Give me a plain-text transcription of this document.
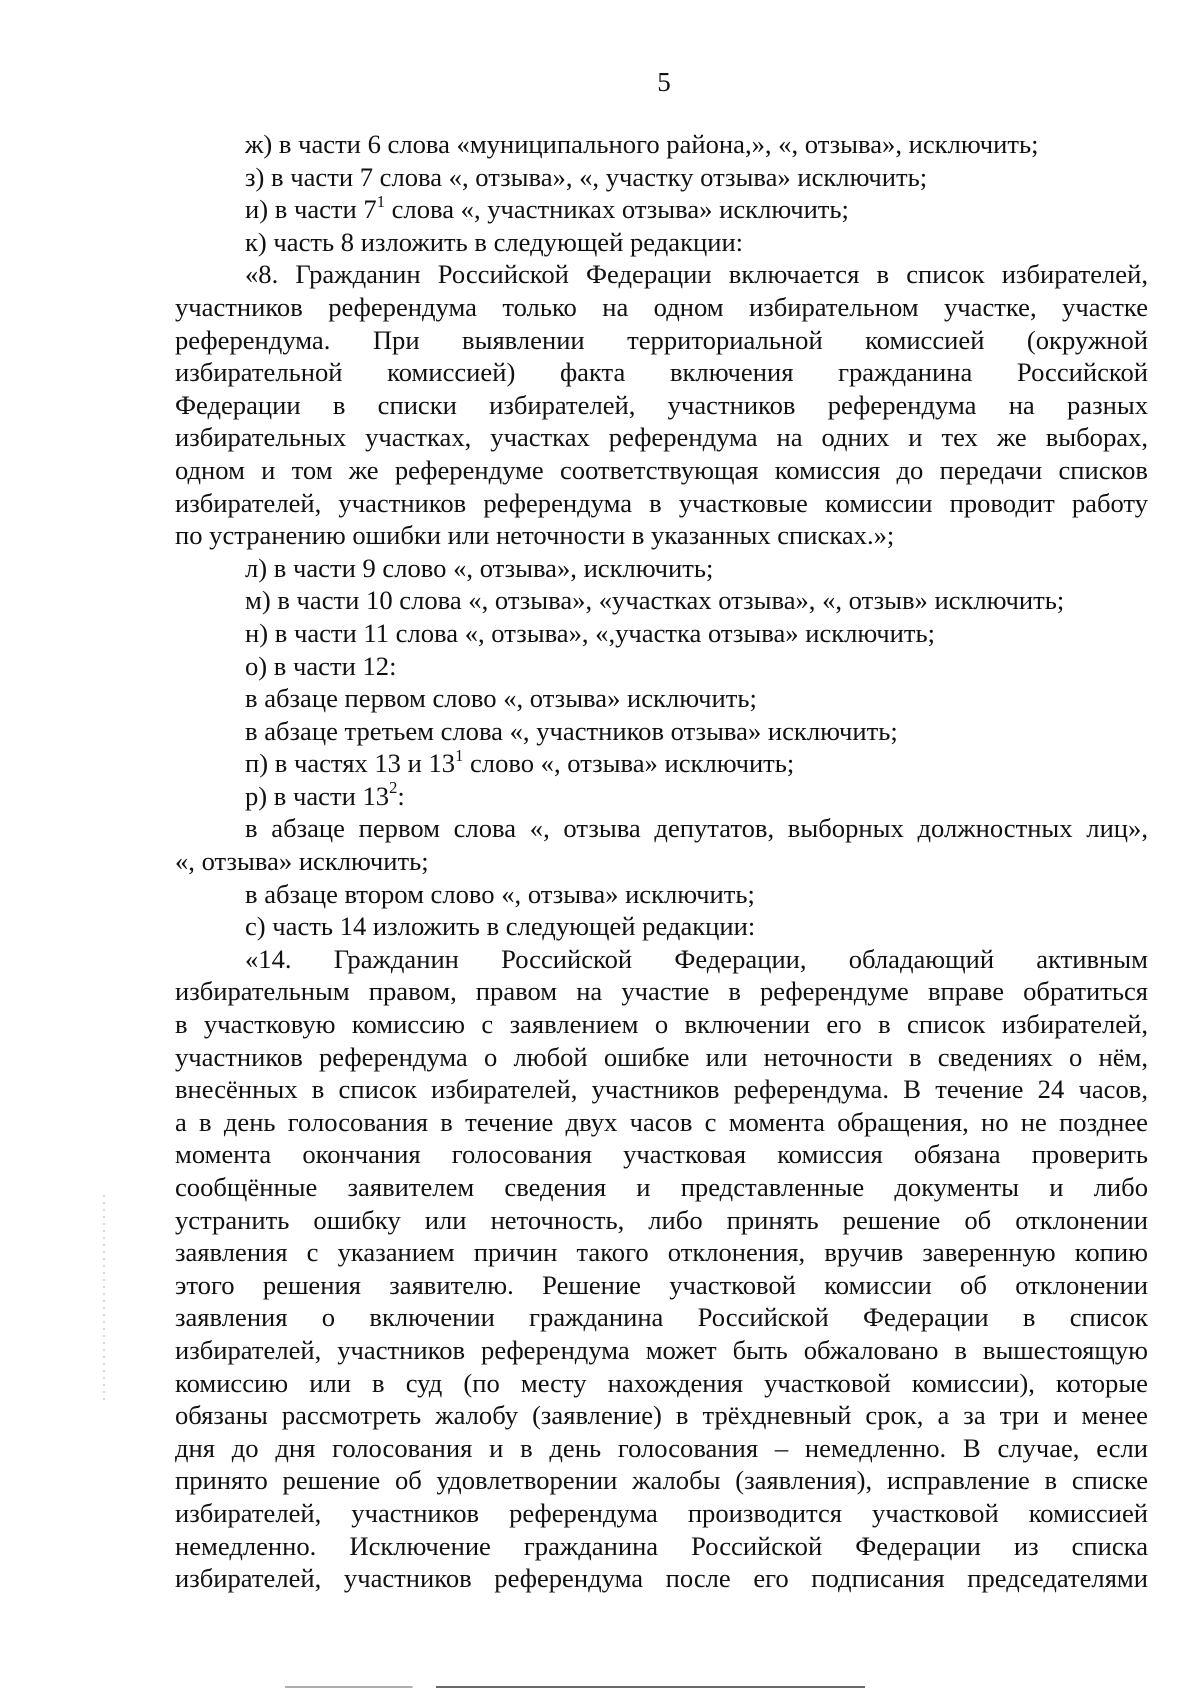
5

ж) в части 6 слова «муниципального района,», «, отзыва», исключить;

з) в части 7 слова «, отзыва», «, участку отзыва» исключить;

и) в части $7^1$ слова «, участниках отзыва» исключить;

к) часть 8 изложить в следующей редакции:

«8. Гражданин Российской Федерации включается в список избирателей,

участников референдума только на одном избирательном участке, участке

референдума. При выявлении территориальной комиссией (окружной

избирательной комиссией) факта включения гражданина Российской

Федерации в списки избирателей, участников референдума на разных

избирательных участках, участках референдума на одних и тех же выборах,

одном и том же референдуме соответствующая комиссия до передачи списков

избирателей, участников референдума в участковые комиссии проводит работу

по устранению ошибки или неточности в указанных списках.»;

л) в части 9 слово «, отзыва», исключить;

м) в части 10 слова «, отзыва», «участках отзыва», «, отзыв» исключить;

н) в части 11 слова «, отзыва», «,участка отзыва» исключить;

о) в части 12:

в абзаце первом слово «, отзыва» исключить;

в абзаце третьем слова «, участников отзыва» исключить;

п) в частях 13 и $13^1$ слово «, отзыва» исключить;

р) в части $13^2$:

в абзаце первом слова «, отзыва депутатов, выборных должностных лиц»,

«, отзыва» исключить;

в абзаце втором слово «, отзыва» исключить;

с) часть 14 изложить в следующей редакции:

«14. Гражданин Российской Федерации, обладающий активным

избирательным правом, правом на участие в референдуме вправе обратиться

в участковую комиссию с заявлением о включении его в список избирателей,

участников референдума о любой ошибке или неточности в сведениях о нём,

внесённых в список избирателей, участников референдума. В течение 24 часов,

а в день голосования в течение двух часов с момента обращения, но не позднее

момента окончания голосования участковая комиссия обязана проверить

сообщённые заявителем сведения и представленные документы и либо

устранить ошибку или неточность, либо принять решение об отклонении

заявления с указанием причин такого отклонения, вручив заверенную копию

этого решения заявителю. Решение участковой комиссии об отклонении

заявления о включении гражданина Российской Федерации в список

избирателей, участников референдума может быть обжаловано в вышестоящую

комиссию или в суд (по месту нахождения участковой комиссии), которые

обязаны рассмотреть жалобу (заявление) в трёхдневный срок, а за три и менее

дня до дня голосования и в день голосования – немедленно. В случае, если

принято решение об удовлетворении жалобы (заявления), исправление в списке

избирателей, участников референдума производится участковой комиссией

немедленно. Исключение гражданина Российской Федерации из списка

избирателей, участников референдума после его подписания председателями
